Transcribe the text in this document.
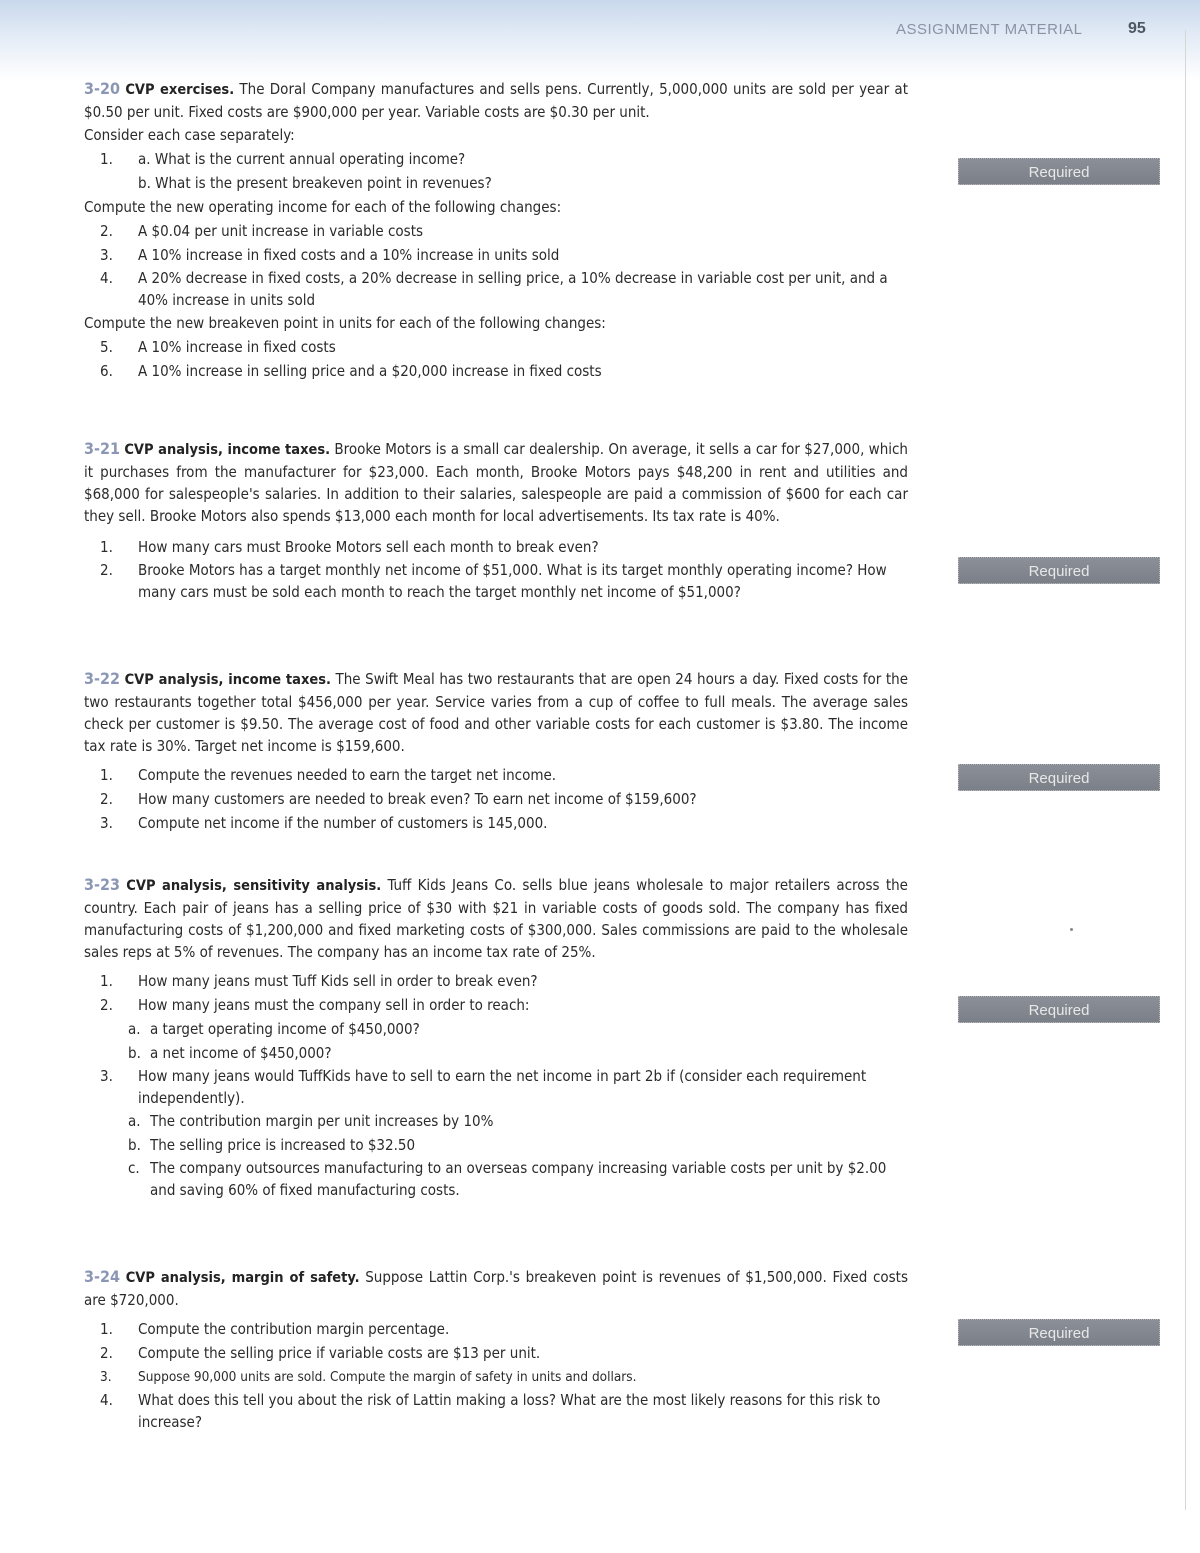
ASSIGNMENT MATERIAL	95

3-20 CVP exercises. The Doral Company manufactures and sells pens. Currently, 5,000,000 units are sold per year at $0.50 per unit. Fixed costs are $900,000 per year. Variable costs are $0.30 per unit.

Consider each case separately:
1. a. What is the current annual operating income?
b. What is the present breakeven point in revenues?
Compute the new operating income for each of the following changes:
2. A $0.04 per unit increase in variable costs
3. A 10% increase in fixed costs and a 10% increase in units sold
4. A 20% decrease in fixed costs, a 20% decrease in selling price, a 10% decrease in variable cost per unit, and a 40% increase in units sold
Compute the new breakeven point in units for each of the following changes:
5. A 10% increase in fixed costs
6. A 10% increase in selling price and a $20,000 increase in fixed costs
Required

3-21 CVP analysis, income taxes. Brooke Motors is a small car dealership. On average, it sells a car for $27,000, which it purchases from the manufacturer for $23,000. Each month, Brooke Motors pays $48,200 in rent and utilities and $68,000 for salespeople's salaries. In addition to their salaries, salespeople are paid a commission of $600 for each car they sell. Brooke Motors also spends $13,000 each month for local advertisements. Its tax rate is 40%.

1. How many cars must Brooke Motors sell each month to break even?
2. Brooke Motors has a target monthly net income of $51,000. What is its target monthly operating income? How many cars must be sold each month to reach the target monthly net income of $51,000?
Required

3-22 CVP analysis, income taxes. The Swift Meal has two restaurants that are open 24 hours a day. Fixed costs for the two restaurants together total $456,000 per year. Service varies from a cup of coffee to full meals. The average sales check per customer is $9.50. The average cost of food and other variable costs for each customer is $3.80. The income tax rate is 30%. Target net income is $159,600.

1. Compute the revenues needed to earn the target net income.
2. How many customers are needed to break even? To earn net income of $159,600?
3. Compute net income if the number of customers is 145,000.
Required

3-23 CVP analysis, sensitivity analysis. Tuff Kids Jeans Co. sells blue jeans wholesale to major retailers across the country. Each pair of jeans has a selling price of $30 with $21 in variable costs of goods sold. The company has fixed manufacturing costs of $1,200,000 and fixed marketing costs of $300,000. Sales commissions are paid to the wholesale sales reps at 5% of revenues. The company has an income tax rate of 25%.

1. How many jeans must Tuff Kids sell in order to break even?
2. How many jeans must the company sell in order to reach:
a. a target operating income of $450,000?
b. a net income of $450,000?
3. How many jeans would TuffKids have to sell to earn the net income in part 2b if (consider each requirement independently).
a. The contribution margin per unit increases by 10%
b. The selling price is increased to $32.50
c. The company outsources manufacturing to an overseas company increasing variable costs per unit by $2.00 and saving 60% of fixed manufacturing costs.
Required

3-24 CVP analysis, margin of safety. Suppose Lattin Corp.'s breakeven point is revenues of $1,500,000. Fixed costs are $720,000.

1. Compute the contribution margin percentage.
2. Compute the selling price if variable costs are $13 per unit.
3. Suppose 90,000 units are sold. Compute the margin of safety in units and dollars.
4. What does this tell you about the risk of Lattin making a loss? What are the most likely reasons for this risk to increase?
Required
